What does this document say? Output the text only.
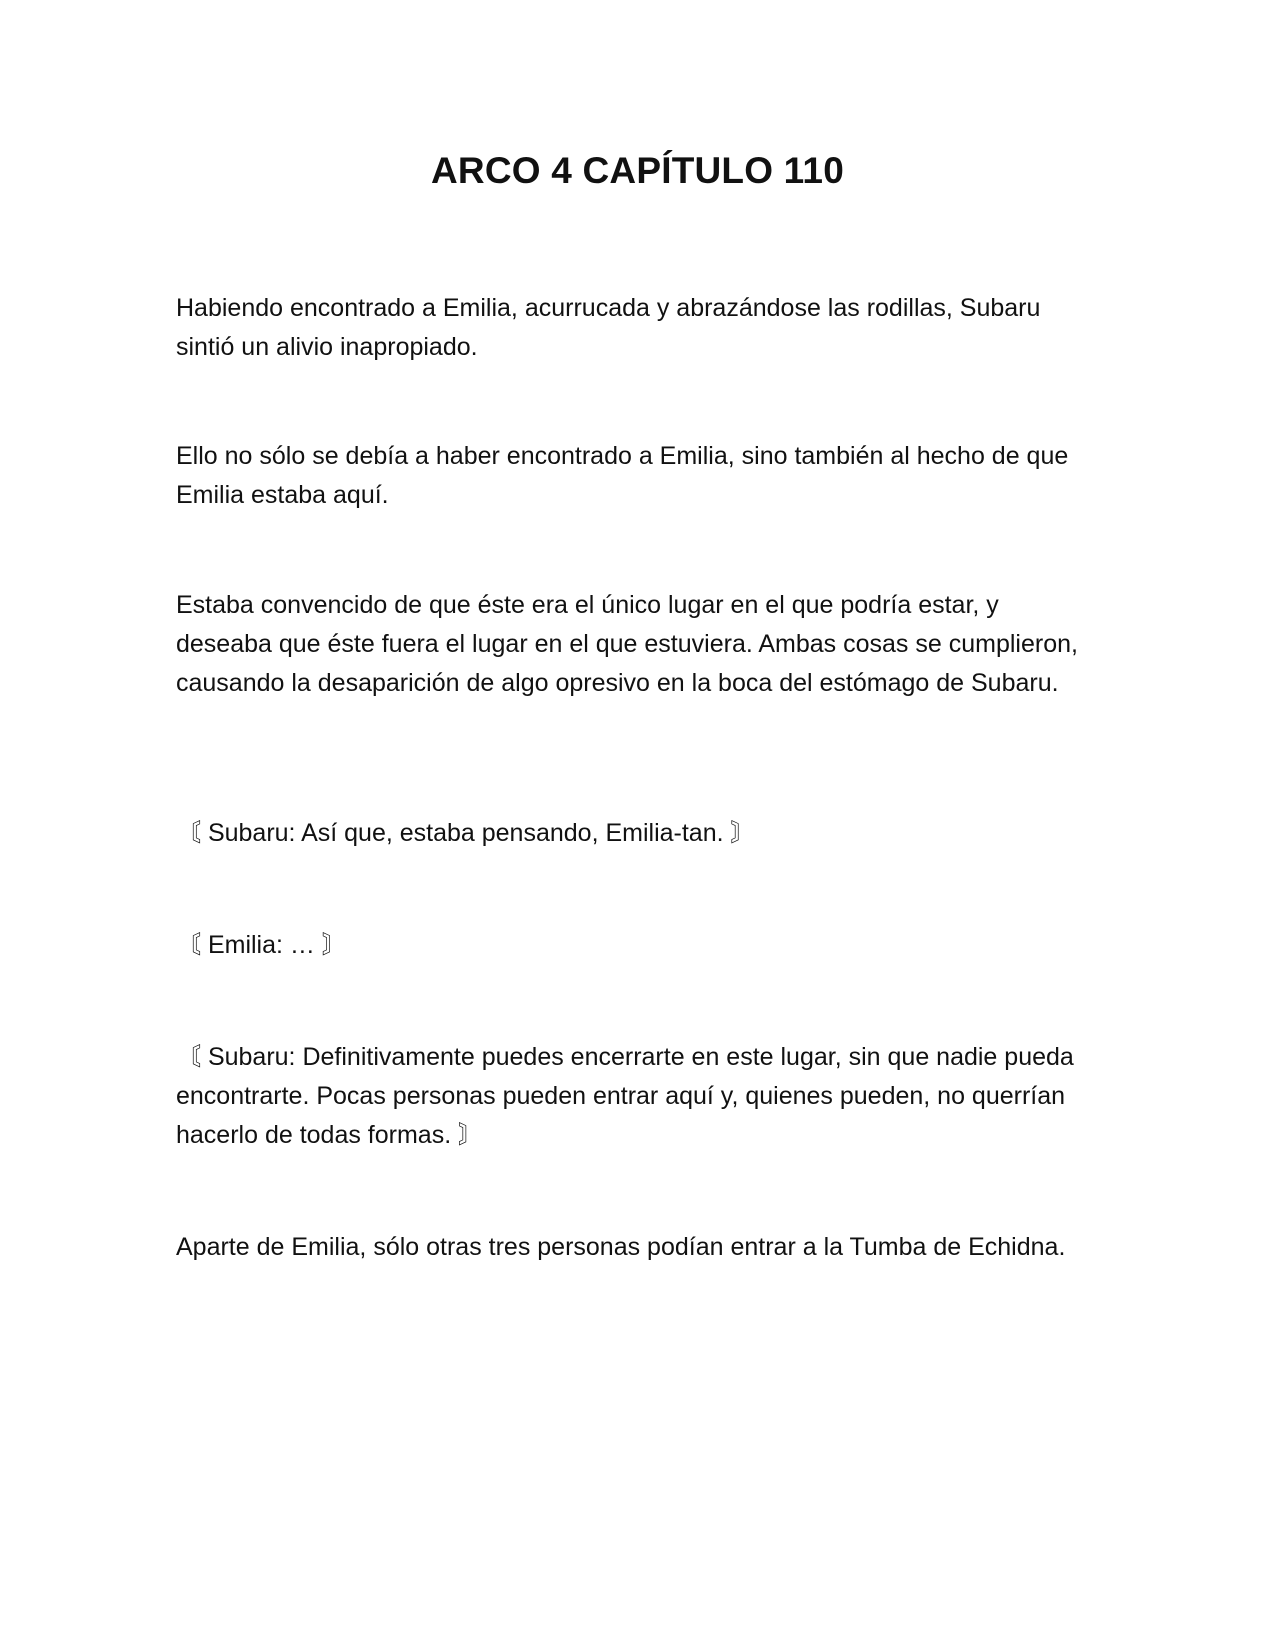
ARCO 4 CAPÍTULO 110

Habiendo encontrado a Emilia, acurrucada y abrazándose las rodillas, Subaru sintió un alivio inapropiado.

Ello no sólo se debía a haber encontrado a Emilia, sino también al hecho de que Emilia estaba aquí.

Estaba convencido de que éste era el único lugar en el que podría estar, y deseaba que éste fuera el lugar en el que estuviera. Ambas cosas se cumplieron, causando la desaparición de algo opresivo en la boca del estómago de Subaru.

〘 Subaru: Así que, estaba pensando, Emilia-tan. 〙

〘 Emilia: … 〙

〘 Subaru: Definitivamente puedes encerrarte en este lugar, sin que nadie pueda encontrarte. Pocas personas pueden entrar aquí y, quienes pueden, no querrían hacerlo de todas formas. 〙

Aparte de Emilia, sólo otras tres personas podían entrar a la Tumba de Echidna.
